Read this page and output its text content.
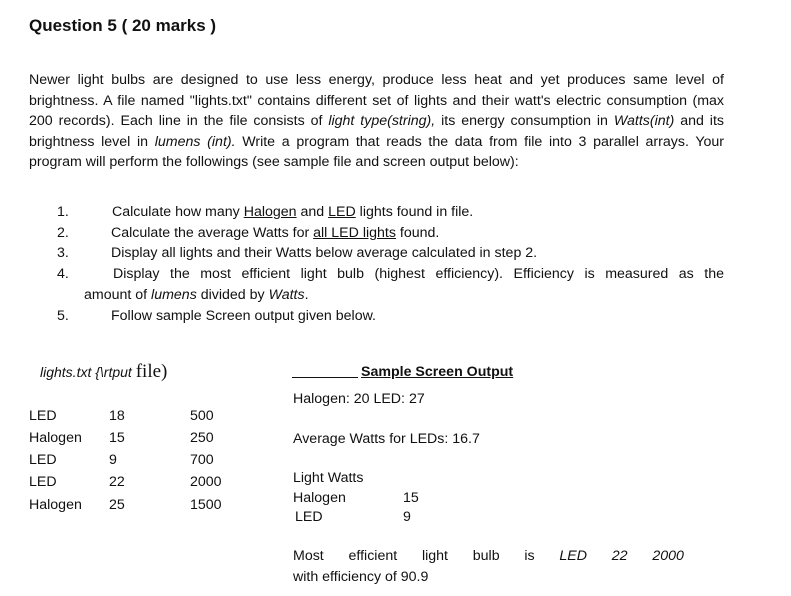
Question 5 ( 20 marks )

Newer light bulbs are designed to use less energy, produce less heat and yet produces same level of brightness. A file named "lights.txt" contains different set of lights and their watt's electric consumption (max 200 records). Each line in the file consists of light type(string), its energy consumption in Watts(int) and its brightness level in lumens (int). Write a program that reads the data from file into 3 parallel arrays. Your program will perform the followings (see sample file and screen output below):

1.	Calculate how many Halogen and LED lights found in file.
2.	Calculate the average Watts for all LED lights found.
3.	Display all lights and their Watts below average calculated in step 2.
4.	Display the most efficient light bulb (highest efficiency). Efficiency is measured as the
amount of lumens divided by Watts.
5.	Follow sample Screen output given below.
lights.txt {\rtput file)
LED	18	500
Halogen 15	250
LED	9	700
LED	22	2000
Halogen 25	1500
Sample Screen Output
Halogen: 20 LED: 27
Average Watts for LEDs: 16.7
Light Watts
Halogen	15
LED	9
Most efficient light bulb is LED 22 2000
with efficiency of 90.9
